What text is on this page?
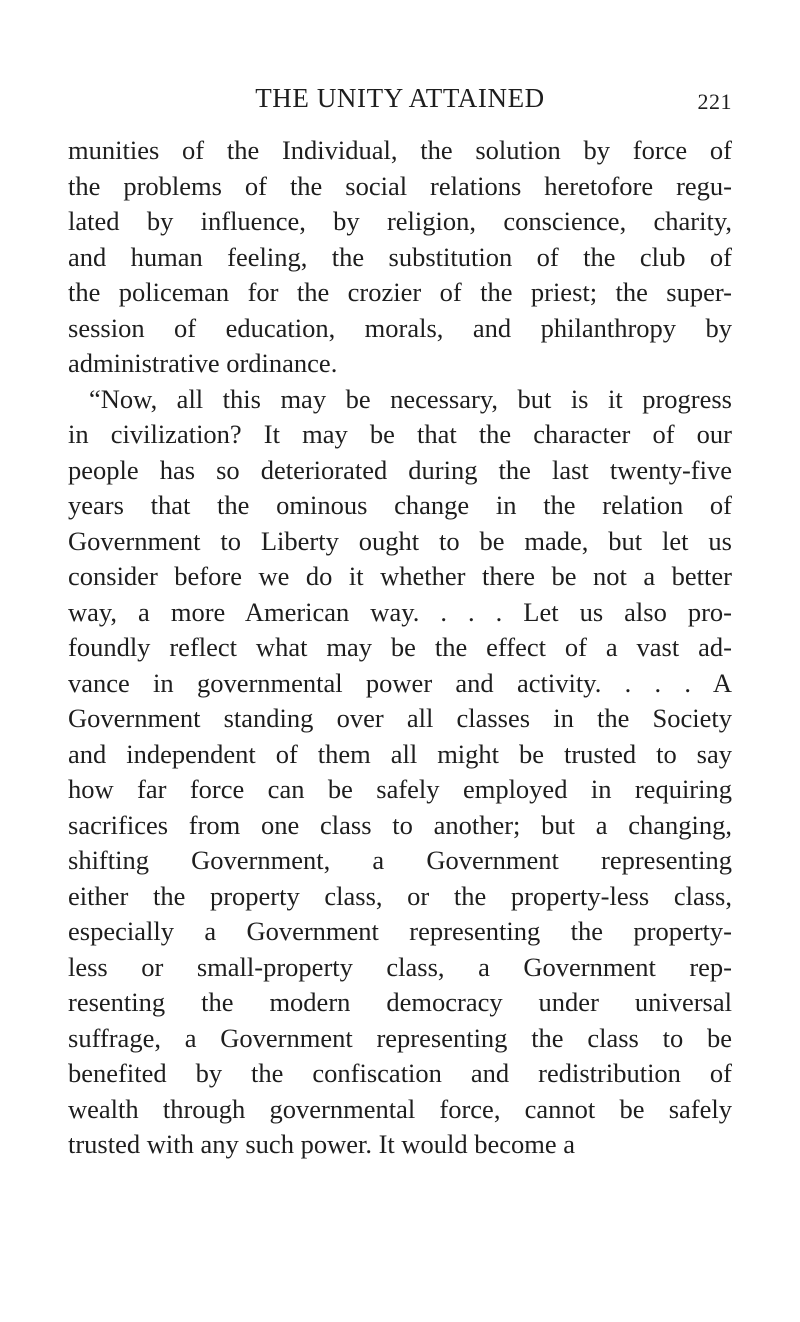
THE UNITY ATTAINED	221
munities of the Individual, the solution by force of
the problems of the social relations heretofore regu-
lated by influence, by religion, conscience, charity,
and human feeling, the substitution of the club of
the policeman for the crozier of the priest; the super-
session of education, morals, and philanthropy by
administrative ordinance.
“Now, all this may be necessary, but is it progress
in civilization? It may be that the character of our
people has so deteriorated during the last twenty-five
years that the ominous change in the relation of
Government to Liberty ought to be made, but let us
consider before we do it whether there be not a better
way, a more American way. . . . Let us also pro-
foundly reflect what may be the effect of a vast ad-
vance in governmental power and activity. . . . A
Government standing over all classes in the Society
and independent of them all might be trusted to say
how far force can be safely employed in requiring
sacrifices from one class to another; but a changing,
shifting Government, a Government representing
either the property class, or the property-less class,
especially a Government representing the property-
less or small-property class, a Government rep-
resenting the modern democracy under universal
suffrage, a Government representing the class to be
benefited by the confiscation and redistribution of
wealth through governmental force, cannot be safely
trusted with any such power. It would become a
